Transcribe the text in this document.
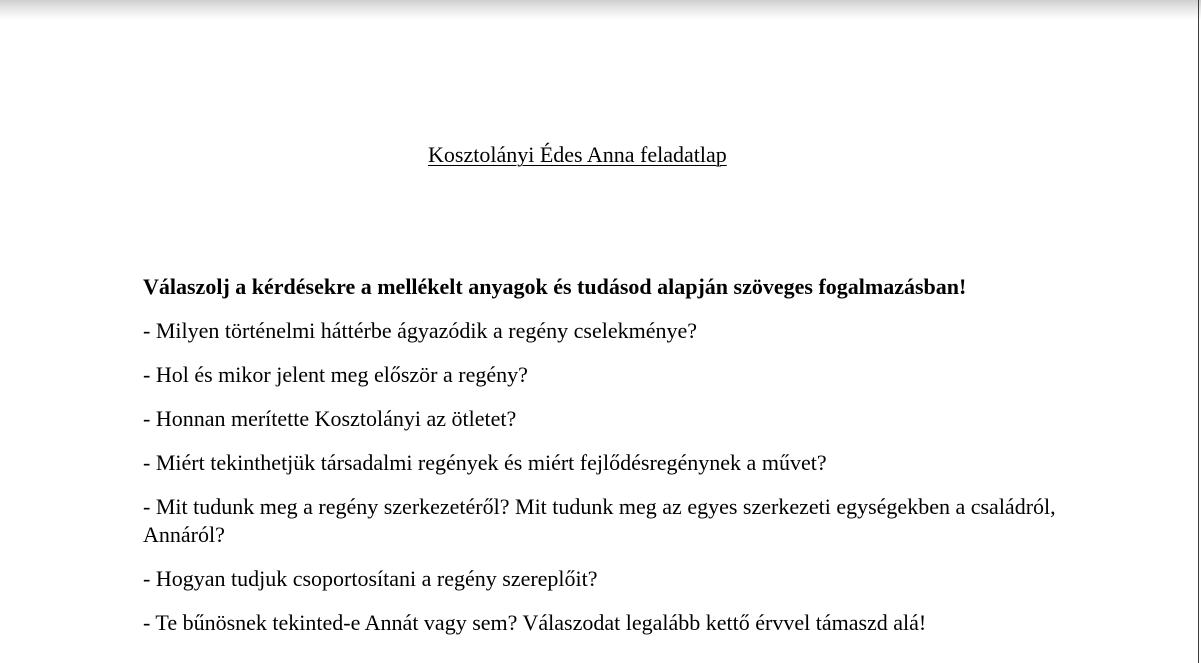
Kosztolányi Édes Anna feladatlap
Válaszolj a kérdésekre a mellékelt anyagok és tudásod alapján szöveges fogalmazásban!
- Milyen történelmi háttérbe ágyazódik a regény cselekménye?
- Hol és mikor jelent meg először a regény?
- Honnan merítette Kosztolányi az ötletet?
- Miért tekinthetjük társadalmi regények és miért fejlődésregénynek a művet?
- Mit tudunk meg a regény szerkezetéről? Mit tudunk meg az egyes szerkezeti egységekben a családról, Annáról?
- Hogyan tudjuk csoportosítani a regény szereplőit?
- Te bűnösnek tekinted-e Annát vagy sem? Válaszodat legalább kettő érvvel támaszd alá!
